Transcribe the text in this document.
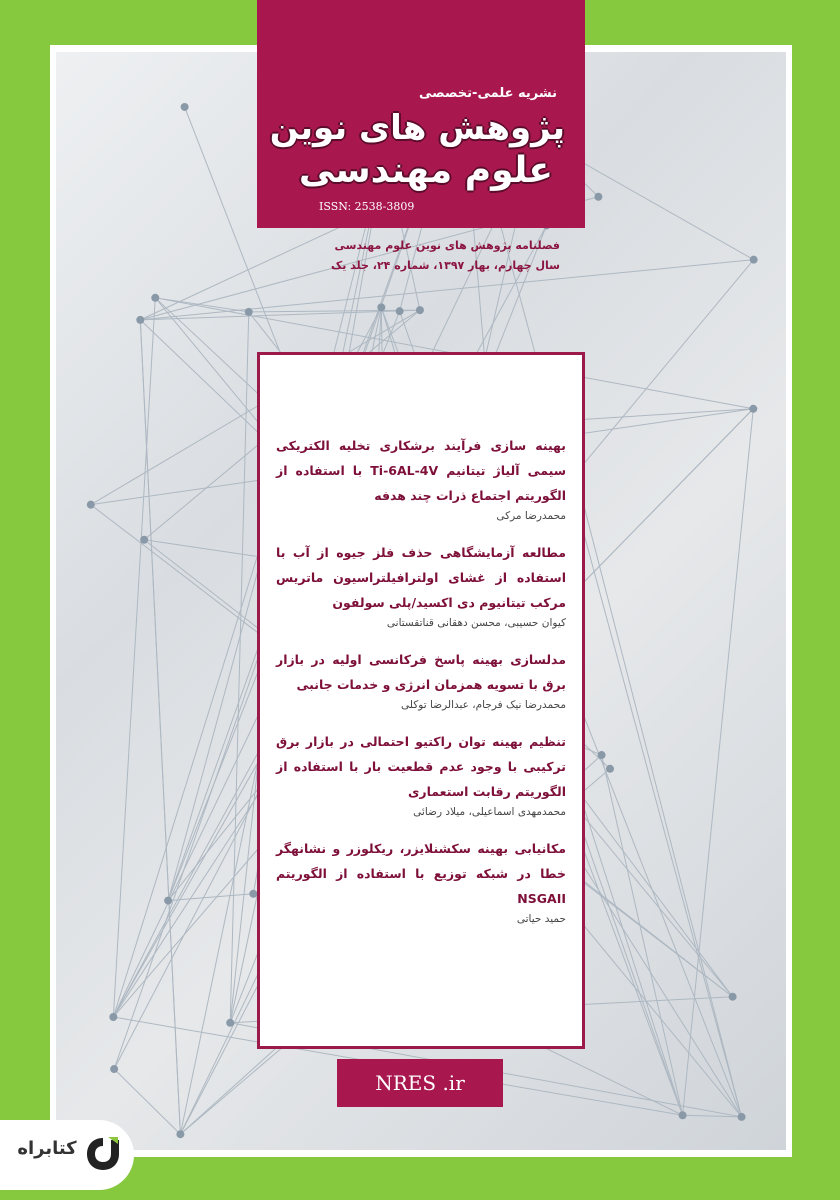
نشریه علمی-تخصصی
پژوهش های نوین
علوم مهندسی
ISSN: 2538-3809
فصلنامه پژوهش های نوین علوم مهندسی
سال چهارم، بهار ۱۳۹۷، شماره ۲۴، جلد یک
بهینه سازی فرآیند برشکاری تخلیه الکتریکی سیمی آلیاژ تیتانیم Ti-6AL-4V با استفاده از الگوریتم اجتماع ذرات چند هدفه
محمدرضا مرکی
مطالعه آزمایشگاهی حذف فلز جیوه از آب با استفاده از غشای اولترافیلتراسیون ماتریس مرکب تیتانیوم دی اکسید/پلی سولفون
کیوان حسیبی، محسن دهقانی قناتقستانی
مدلسازی بهینه پاسخ فرکانسی اولیه در بازار برق با تسویه همزمان انرژی و خدمات جانبی
محمدرضا نیک فرجام، عبدالرضا توکلی
تنظیم بهینه توان راکتیو احتمالی در بازار برق ترکیبی با وجود عدم قطعیت بار با استفاده از الگوریتم رقابت استعماری
محمدمهدی اسماعیلی، میلاد رضائی
مکانیابی بهینه سکشنلایزر، ریکلوزر و نشانهگر خطا در شبکه توزیع با استفاده از الگوریتم NSGAII
حمید حیاتی
NRES .ir
کتابراه
